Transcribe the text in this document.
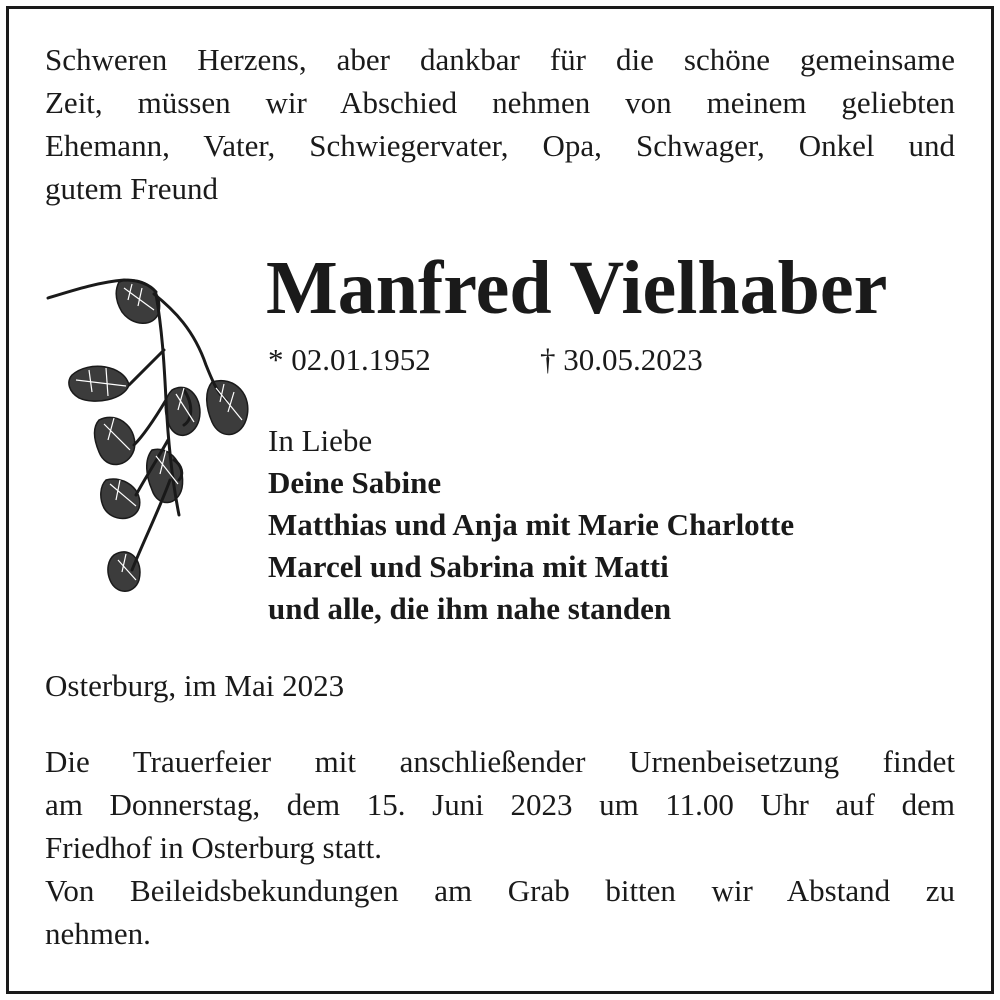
Schweren Herzens, aber dankbar für die schöne gemeinsame
Zeit, müssen wir Abschied nehmen von meinem geliebten
Ehemann, Vater, Schwiegervater, Opa, Schwager, Onkel und
gutem Freund
Manfred Vielhaber
* 02.01.1952	† 30.05.2023
In Liebe
Deine Sabine
Matthias und Anja mit Marie Charlotte
Marcel und Sabrina mit Matti
und alle, die ihm nahe standen
Osterburg, im Mai 2023
Die Trauerfeier mit anschließender Urnenbeisetzung findet
am Donnerstag, dem 15. Juni 2023 um 11.00 Uhr auf dem
Friedhof in Osterburg statt.
Von Beileidsbekundungen am Grab bitten wir Abstand zu
nehmen.
